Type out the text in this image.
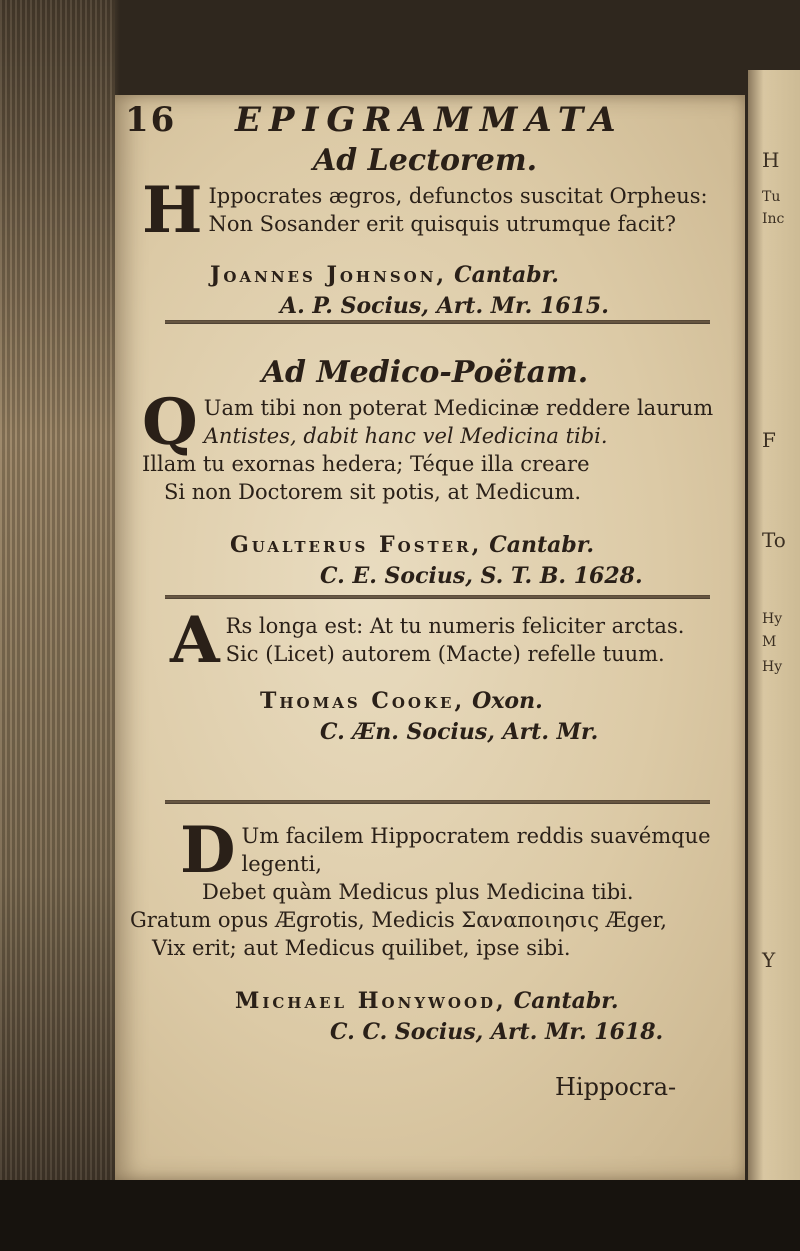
H
Tu
Inc
F
To
Hy
M
Hy
Y
16 EPIGRAMMATA

Ad Lectorem.

H Ippocrates ægros, defunctos suscitat Orpheus:
Non Sosander erit quisquis utrumque facit?
Joannes Johnson, Cantabr.
A. P. Socius, Art. Mr. 1615.

Ad Medico-Poëtam.

Q Uam tibi non poterat Medicinæ reddere laurum
Antistes, dabit hanc vel Medicina tibi.
Illam tu exornas hedera; Téque illa creare
Si non Doctorem sit potis, at Medicum.
Gualterus Foster, Cantabr.
C. E. Socius, S. T. B. 1628.
A Rs longa est: At tu numeris feliciter arctas.
Sic (Licet) autorem (Macte) refelle tuum.
Thomas Cooke, Oxon.
C. Æn. Socius, Art. Mr.
D Um facilem Hippocratem reddis suavémque
legenti,
Debet quàm Medicus plus Medicina tibi.
Gratum opus Ægrotis, Medicis Σαναποιησις Æger,
Vix erit; aut Medicus quilibet, ipse sibi.
Michael Honywood, Cantabr.
C. C. Socius, Art. Mr. 1618.
Hippocra-
